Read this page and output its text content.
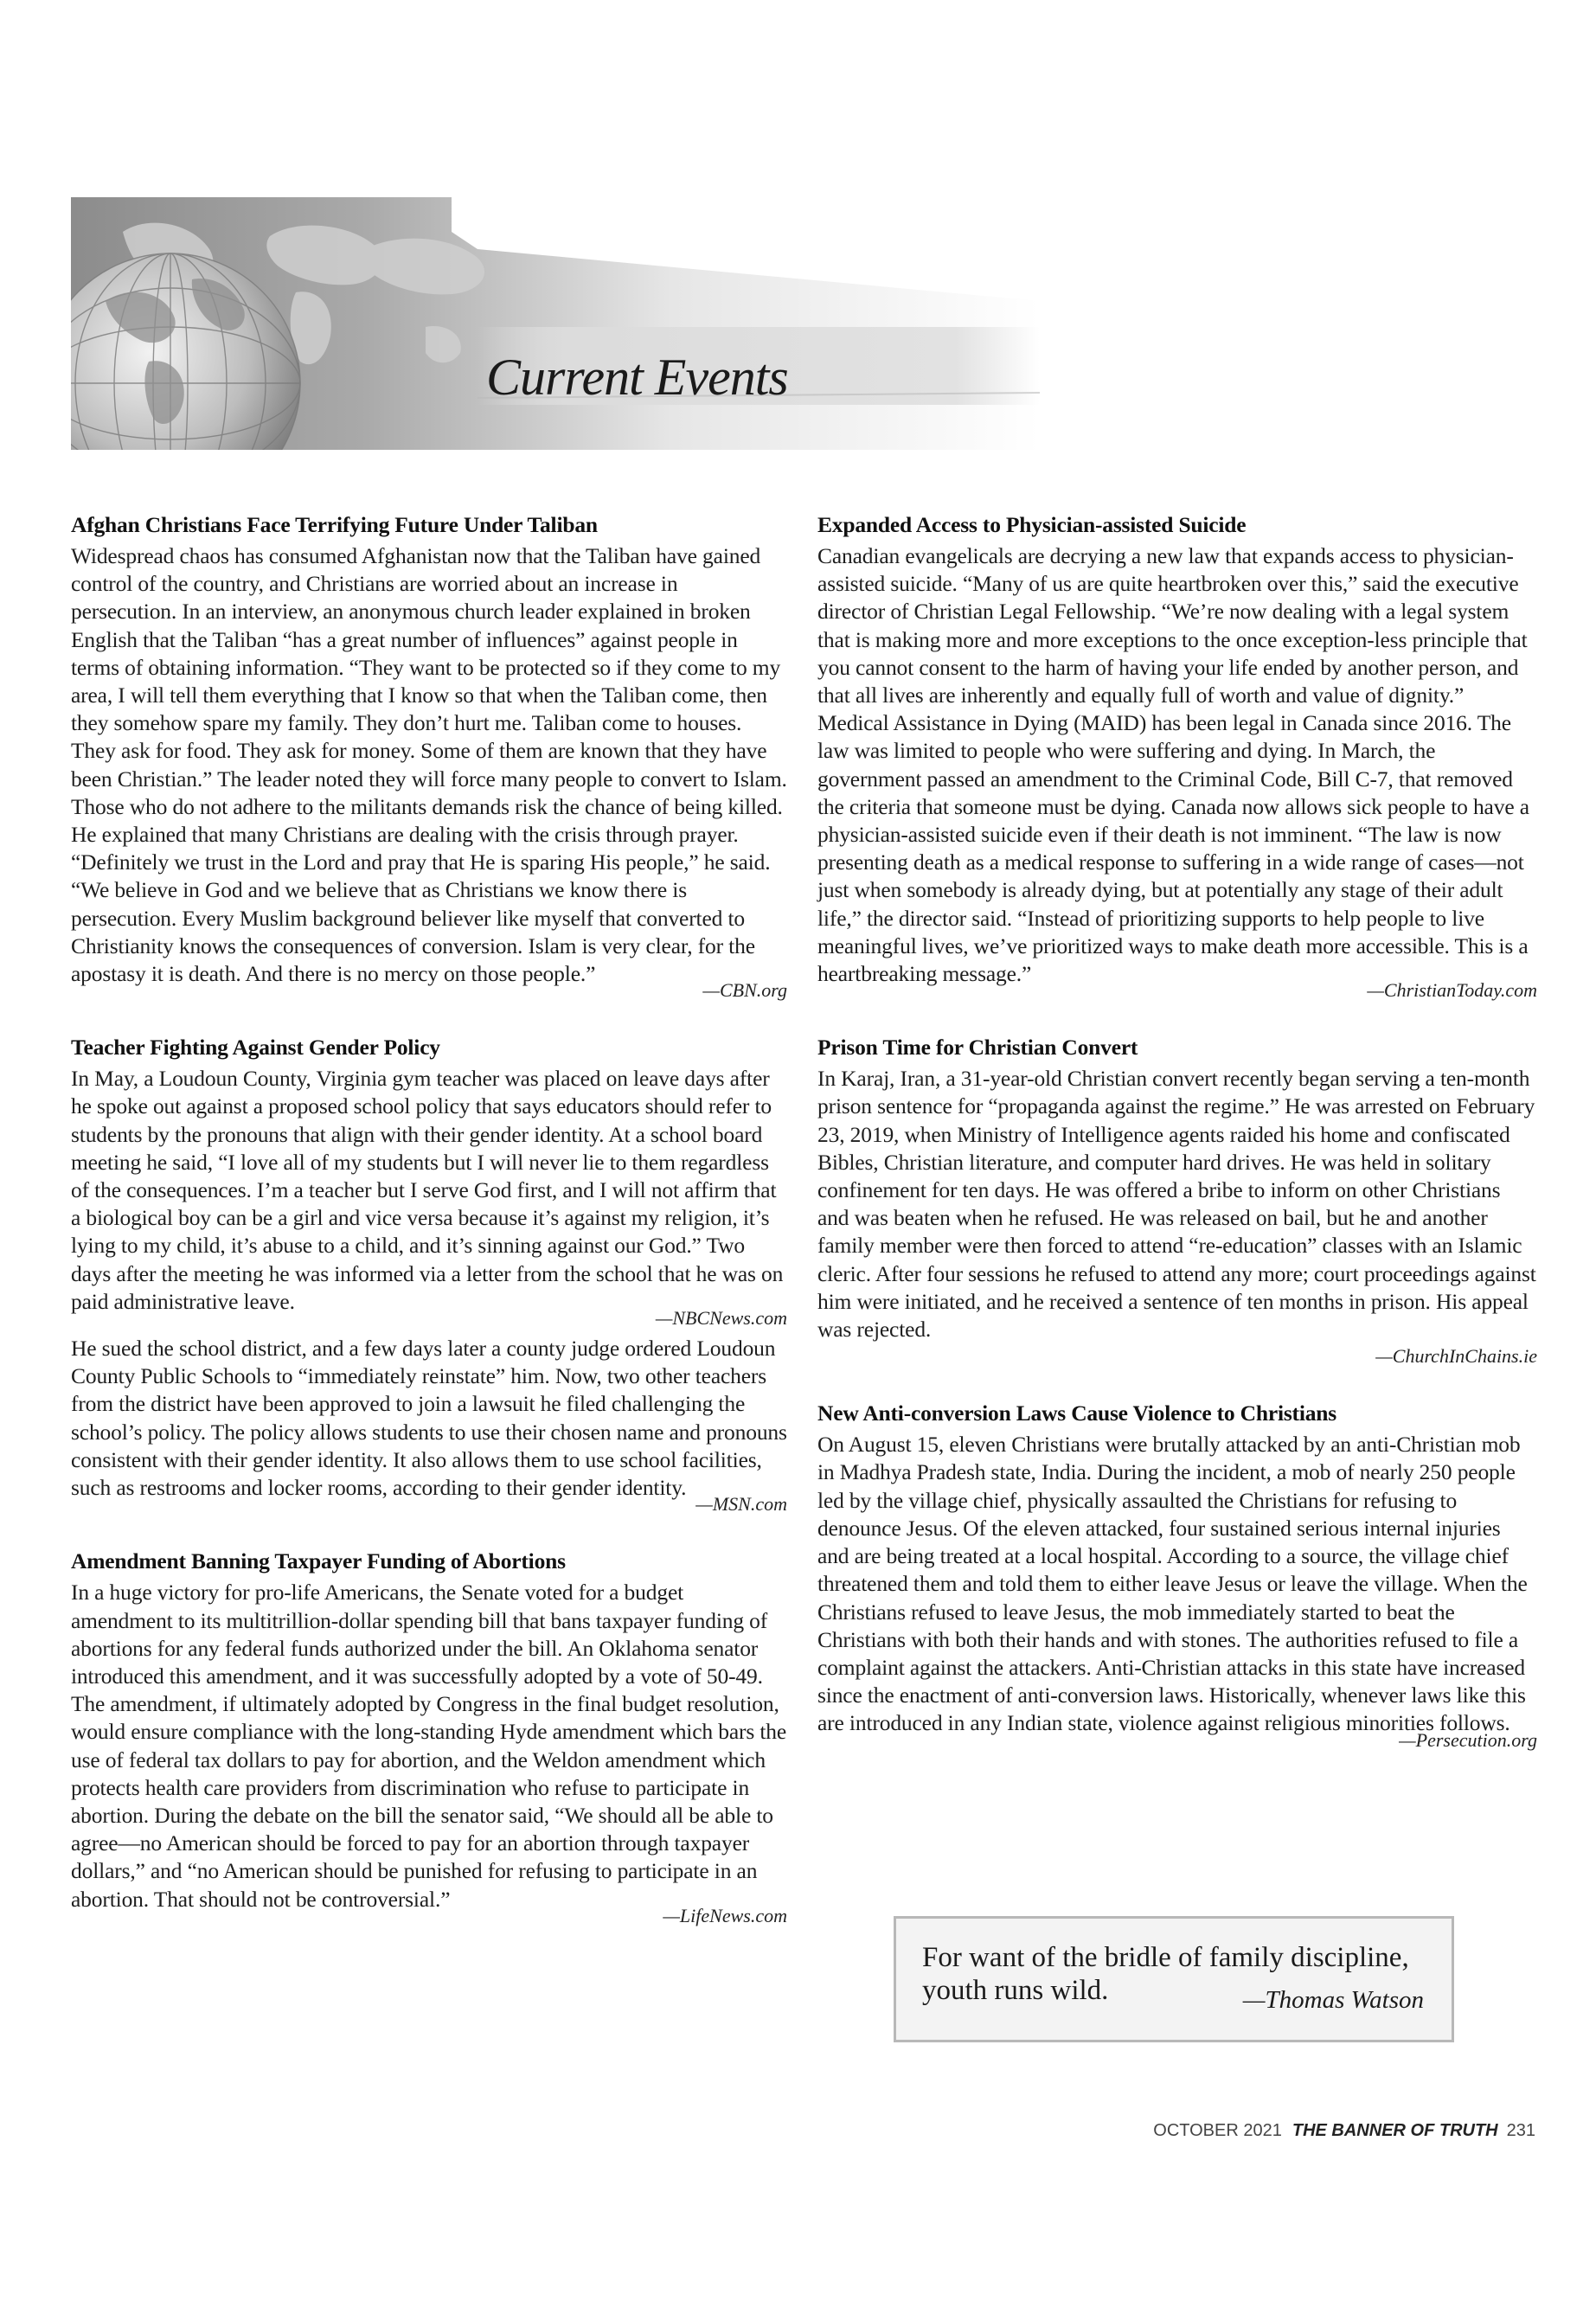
Current Events
Afghan Christians Face Terrifying Future Under Taliban

Widespread chaos has consumed Afghanistan now that the Taliban have gained control of the country, and Christians are worried about an increase in persecution. In an interview, an anonymous church leader explained in broken English that the Taliban “has a great number of influences” against people in terms of obtaining information. “They want to be protected so if they come to my area, I will tell them everything that I know so that when the Taliban come, then they somehow spare my family. They don’t hurt me. Taliban come to houses. They ask for food. They ask for money. Some of them are known that they have been Christian.” The leader noted they will force many people to convert to Islam. Those who do not adhere to the militants demands risk the chance of being killed. He explained that many Christians are dealing with the crisis through prayer. “Definitely we trust in the Lord and pray that He is sparing His people,” he said. “We believe in God and we believe that as Christians we know there is persecution. Every Muslim background believer like myself that converted to Christianity knows the consequences of conversion. Islam is very clear, for the apostasy it is death. And there is no mercy on those people.”

—CBN.org
Teacher Fighting Against Gender Policy

In May, a Loudoun County, Virginia gym teacher was placed on leave days after he spoke out against a proposed school policy that says educators should refer to students by the pronouns that align with their gender identity. At a school board meeting he said, “I love all of my students but I will never lie to them regardless of the consequences. I’m a teacher but I serve God first, and I will not affirm that a biological boy can be a girl and vice versa because it’s against my religion, it’s lying to my child, it’s abuse to a child, and it’s sinning against our God.” Two days after the meeting he was informed via a letter from the school that he was on paid administrative leave.

—NBCNews.com

He sued the school district, and a few days later a county judge ordered Loudoun County Public Schools to “immediately reinstate” him. Now, two other teachers from the district have been approved to join a lawsuit he filed challenging the school’s policy. The policy allows students to use their chosen name and pronouns consistent with their gender identity. It also allows them to use school facilities, such as restrooms and locker rooms, according to their gender identity.

—MSN.com
Amendment Banning Taxpayer Funding of Abortions

In a huge victory for pro-life Americans, the Senate voted for a budget amendment to its multitrillion-dollar spending bill that bans taxpayer funding of abortions for any federal funds authorized under the bill. An Oklahoma senator introduced this amendment, and it was successfully adopted by a vote of 50-49. The amendment, if ultimately adopted by Congress in the final budget resolution, would ensure compliance with the long-standing Hyde amendment which bars the use of federal tax dollars to pay for abortion, and the Weldon amendment which protects health care providers from discrimination who refuse to participate in abortion. During the debate on the bill the senator said, “We should all be able to agree—no American should be forced to pay for an abortion through taxpayer dollars,” and “no American should be punished for refusing to participate in an abortion. That should not be controversial.”

—LifeNews.com
Expanded Access to Physician-assisted Suicide

Canadian evangelicals are decrying a new law that expands access to physician-assisted suicide. “Many of us are quite heartbroken over this,” said the executive director of Christian Legal Fellowship. “We’re now dealing with a legal system that is making more and more exceptions to the once exception-less principle that you cannot consent to the harm of having your life ended by another person, and that all lives are inherently and equally full of worth and value of dignity.” Medical Assistance in Dying (MAID) has been legal in Canada since 2016. The law was limited to people who were suffering and dying. In March, the government passed an amendment to the Criminal Code, Bill C-7, that removed the criteria that someone must be dying. Canada now allows sick people to have a physician-assisted suicide even if their death is not imminent. “The law is now presenting death as a medical response to suffering in a wide range of cases—not just when somebody is already dying, but at potentially any stage of their adult life,” the director said. “Instead of prioritizing supports to help people to live meaningful lives, we’ve prioritized ways to make death more accessible. This is a heartbreaking message.”

—ChristianToday.com
Prison Time for Christian Convert

In Karaj, Iran, a 31-year-old Christian convert recently began serving a ten-month prison sentence for “propaganda against the regime.” He was arrested on February 23, 2019, when Ministry of Intelligence agents raided his home and confiscated Bibles, Christian literature, and computer hard drives. He was held in solitary confinement for ten days. He was offered a bribe to inform on other Christians and was beaten when he refused. He was released on bail, but he and another family member were then forced to attend “re-education” classes with an Islamic cleric. After four sessions he refused to attend any more; court proceedings against him were initiated, and he received a sentence of ten months in prison. His appeal was rejected.

—ChurchInChains.ie
New Anti-conversion Laws Cause Violence to Christians

On August 15, eleven Christians were brutally attacked by an anti-Christian mob in Madhya Pradesh state, India. During the incident, a mob of nearly 250 people led by the village chief, physically assaulted the Christians for refusing to denounce Jesus. Of the eleven attacked, four sustained serious internal injuries and are being treated at a local hospital. According to a source, the village chief threatened them and told them to either leave Jesus or leave the village. When the Christians refused to leave Jesus, the mob immediately started to beat the Christians with both their hands and with stones. The authorities refused to file a complaint against the attackers. Anti-Christian attacks in this state have increased since the enactment of anti-conversion laws. Historically, whenever laws like this are introduced in any Indian state, violence against religious minorities follows.

—Persecution.org

For want of the bridle of family discipline, youth runs wild.	—Thomas Watson
OCTOBER 2021 THE BANNER OF TRUTH 231
